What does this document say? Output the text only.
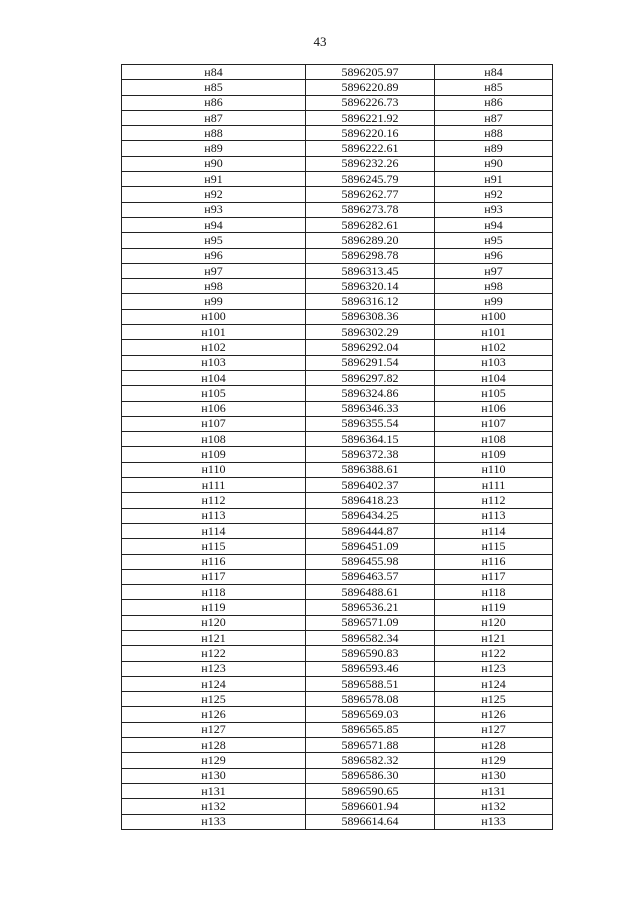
43
н84	5896205.97	н84
н85	5896220.89	н85
н86	5896226.73	н86
н87	5896221.92	н87
н88	5896220.16	н88
н89	5896222.61	н89
н90	5896232.26	н90
н91	5896245.79	н91
н92	5896262.77	н92
н93	5896273.78	н93
н94	5896282.61	н94
н95	5896289.20	н95
н96	5896298.78	н96
н97	5896313.45	н97
н98	5896320.14	н98
н99	5896316.12	н99
н100	5896308.36	н100
н101	5896302.29	н101
н102	5896292.04	н102
н103	5896291.54	н103
н104	5896297.82	н104
н105	5896324.86	н105
н106	5896346.33	н106
н107	5896355.54	н107
н108	5896364.15	н108
н109	5896372.38	н109
н110	5896388.61	н110
н111	5896402.37	н111
н112	5896418.23	н112
н113	5896434.25	н113
н114	5896444.87	н114
н115	5896451.09	н115
н116	5896455.98	н116
н117	5896463.57	н117
н118	5896488.61	н118
н119	5896536.21	н119
н120	5896571.09	н120
н121	5896582.34	н121
н122	5896590.83	н122
н123	5896593.46	н123
н124	5896588.51	н124
н125	5896578.08	н125
н126	5896569.03	н126
н127	5896565.85	н127
н128	5896571.88	н128
н129	5896582.32	н129
н130	5896586.30	н130
н131	5896590.65	н131
н132	5896601.94	н132
н133	5896614.64	н133
